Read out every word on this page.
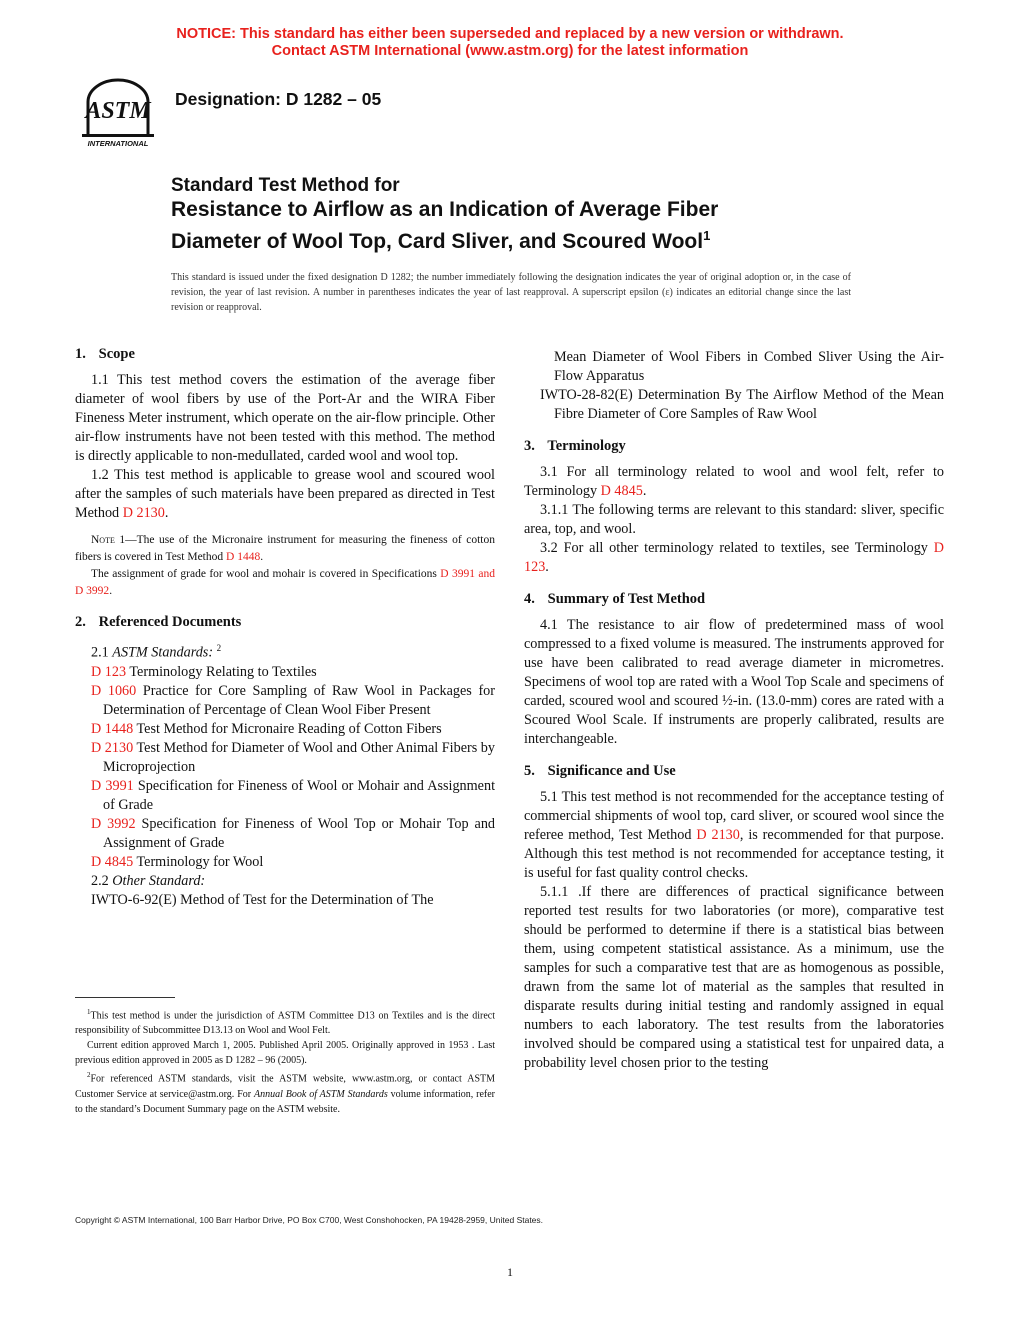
NOTICE: This standard has either been superseded and replaced by a new version or withdrawn.
Contact ASTM International (www.astm.org) for the latest information
ASTM
INTERNATIONAL
Designation: D 1282 – 05
Standard Test Method for
Resistance to Airflow as an Indication of Average Fiber
Diameter of Wool Top, Card Sliver, and Scoured Wool$^1$
This standard is issued under the fixed designation D 1282; the number immediately following the designation indicates the year of original adoption or, in the case of revision, the year of last revision. A number in parentheses indicates the year of last reapproval. A superscript epsilon (ε) indicates an editorial change since the last revision or reapproval.
1. Scope

1.1 This test method covers the estimation of the average fiber diameter of wool fibers by use of the Port-Ar and the WIRA Fiber Fineness Meter instrument, which operate on the air-flow principle. Other air-flow instruments have not been tested with this method. The method is directly applicable to non-medullated, carded wool and wool top.

1.2 This test method is applicable to grease wool and scoured wool after the samples of such materials have been prepared as directed in Test Method D 2130.

Note 1—The use of the Micronaire instrument for measuring the fineness of cotton fibers is covered in Test Method D 1448.

The assignment of grade for wool and mohair is covered in Specifications D 3991 and D 3992.

2. Referenced Documents

2.1 ASTM Standards: $^2$

D 123 Terminology Relating to Textiles

D 1060 Practice for Core Sampling of Raw Wool in Packages for Determination of Percentage of Clean Wool Fiber Present

D 1448 Test Method for Micronaire Reading of Cotton Fibers

D 2130 Test Method for Diameter of Wool and Other Animal Fibers by Microprojection

D 3991 Specification for Fineness of Wool or Mohair and Assignment of Grade

D 3992 Specification for Fineness of Wool Top or Mohair Top and Assignment of Grade

D 4845 Terminology for Wool

2.2 Other Standard:

IWTO-6-92(E) Method of Test for the Determination of The

$^1$This test method is under the jurisdiction of ASTM Committee D13 on Textiles and is the direct responsibility of Subcommittee D13.13 on Wool and Wool Felt.

Current edition approved March 1, 2005. Published April 2005. Originally approved in 1953 . Last previous edition approved in 2005 as D 1282 – 96 (2005).

$^2$For referenced ASTM standards, visit the ASTM website, www.astm.org, or contact ASTM Customer Service at service@astm.org. For Annual Book of ASTM Standards volume information, refer to the standard’s Document Summary page on the ASTM website.

Mean Diameter of Wool Fibers in Combed Sliver Using the Air-Flow Apparatus

IWTO-28-82(E) Determination By The Airflow Method of the Mean Fibre Diameter of Core Samples of Raw Wool

3. Terminology

3.1 For all terminology related to wool and wool felt, refer to Terminology D 4845.

3.1.1 The following terms are relevant to this standard: sliver, specific area, top, and wool.

3.2 For all other terminology related to textiles, see Terminology D 123.

4. Summary of Test Method

4.1 The resistance to air flow of predetermined mass of wool compressed to a fixed volume is measured. The instruments approved for use have been calibrated to read average diameter in micrometres. Specimens of wool top are rated with a Wool Top Scale and specimens of carded, scoured wool and scoured ½-in. (13.0-mm) cores are rated with a Scoured Wool Scale. If instruments are properly calibrated, results are interchangeable.

5. Significance and Use

5.1 This test method is not recommended for the acceptance testing of commercial shipments of wool top, card sliver, or scoured wool since the referee method, Test Method D 2130, is recommended for that purpose. Although this test method is not recommended for acceptance testing, it is useful for fast quality control checks.

5.1.1 .If there are differences of practical significance between reported test results for two laboratories (or more), comparative test should be performed to determine if there is a statistical bias between them, using competent statistical assistance. As a minimum, use the samples for such a comparative test that are as homogenous as possible, drawn from the same lot of material as the samples that resulted in disparate results during initial testing and randomly assigned in equal numbers to each laboratory. The test results from the laboratories involved should be compared using a statistical test for unpaired data, a probability level chosen prior to the testing

Copyright © ASTM International, 100 Barr Harbor Drive, PO Box C700, West Conshohocken, PA 19428-2959, United States.
1
